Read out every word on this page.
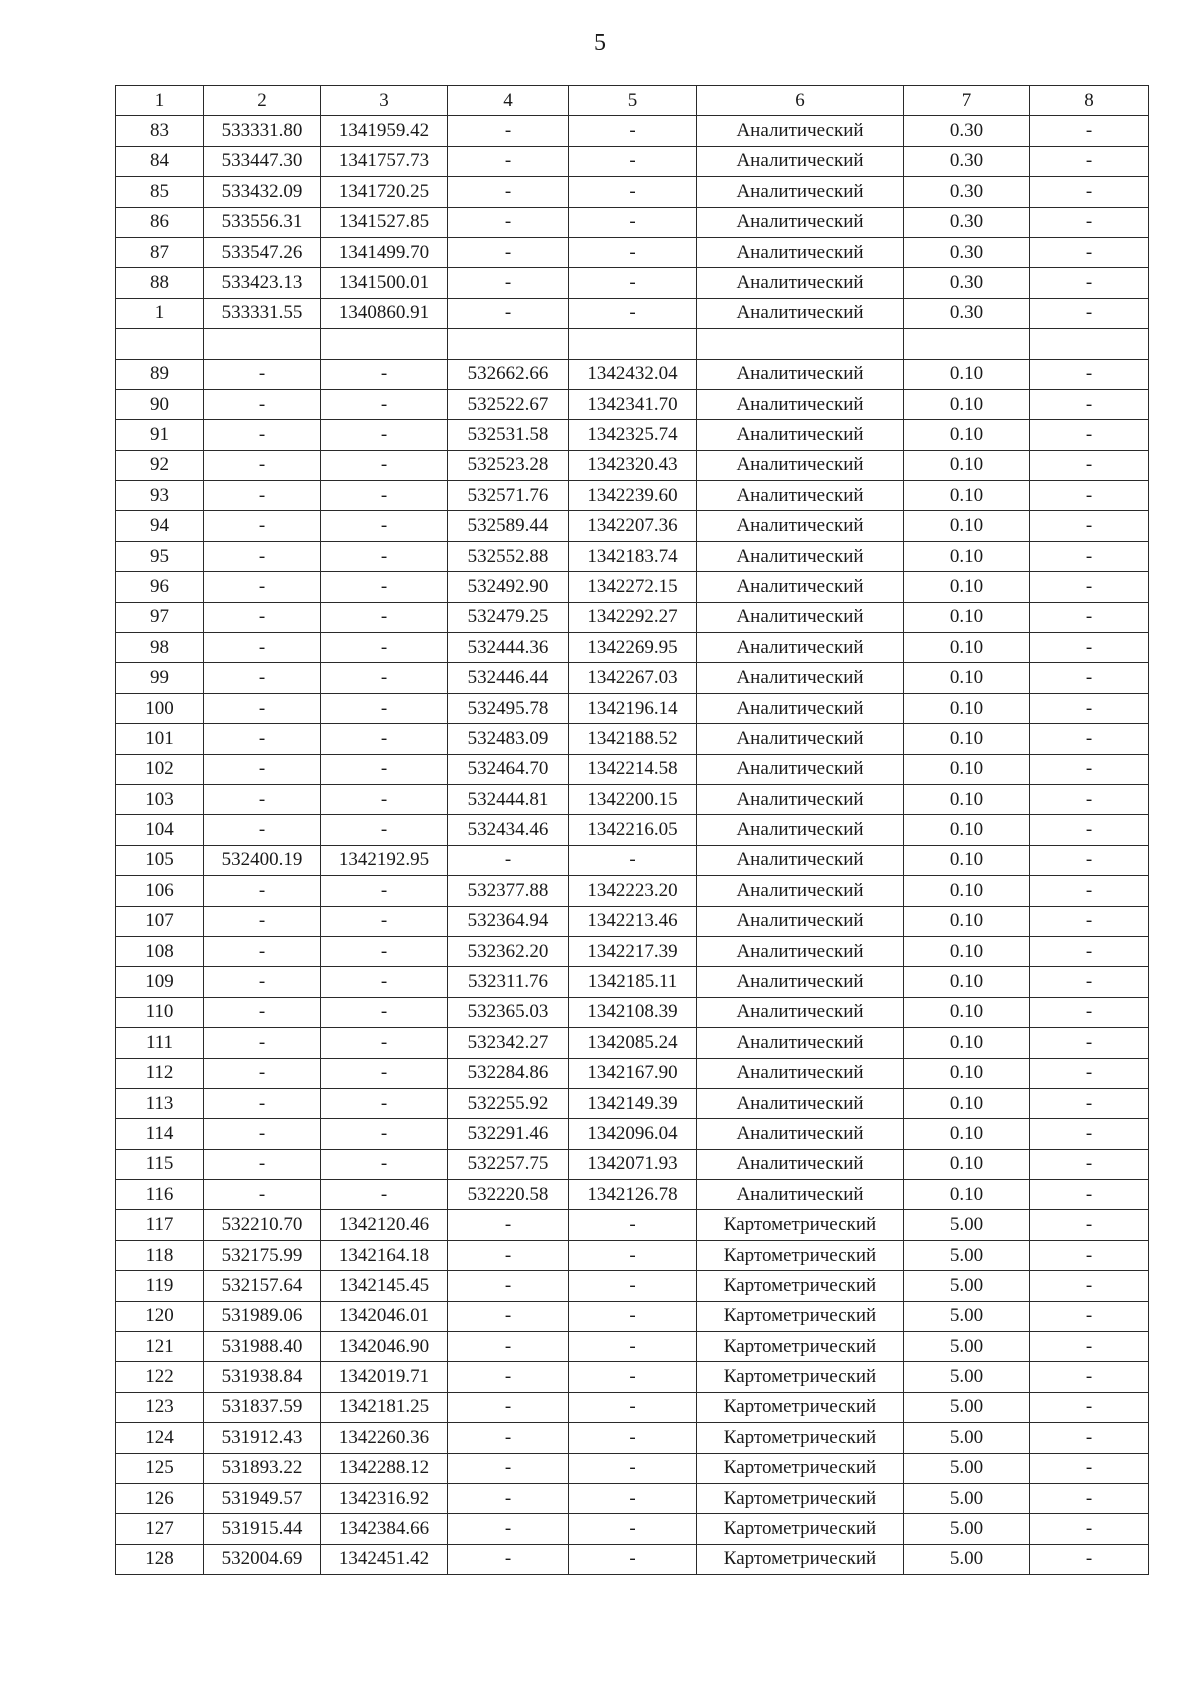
5
1	2	3	4	5	6	7	8
83	533331.80	1341959.42	-	-	Аналитический	0.30	-
84	533447.30	1341757.73	-	-	Аналитический	0.30	-
85	533432.09	1341720.25	-	-	Аналитический	0.30	-
86	533556.31	1341527.85	-	-	Аналитический	0.30	-
87	533547.26	1341499.70	-	-	Аналитический	0.30	-
88	533423.13	1341500.01	-	-	Аналитический	0.30	-
1	533331.55	1340860.91	-	-	Аналитический	0.30	-

89	-	-	532662.66	1342432.04	Аналитический	0.10	-
90	-	-	532522.67	1342341.70	Аналитический	0.10	-
91	-	-	532531.58	1342325.74	Аналитический	0.10	-
92	-	-	532523.28	1342320.43	Аналитический	0.10	-
93	-	-	532571.76	1342239.60	Аналитический	0.10	-
94	-	-	532589.44	1342207.36	Аналитический	0.10	-
95	-	-	532552.88	1342183.74	Аналитический	0.10	-
96	-	-	532492.90	1342272.15	Аналитический	0.10	-
97	-	-	532479.25	1342292.27	Аналитический	0.10	-
98	-	-	532444.36	1342269.95	Аналитический	0.10	-
99	-	-	532446.44	1342267.03	Аналитический	0.10	-
100	-	-	532495.78	1342196.14	Аналитический	0.10	-
101	-	-	532483.09	1342188.52	Аналитический	0.10	-
102	-	-	532464.70	1342214.58	Аналитический	0.10	-
103	-	-	532444.81	1342200.15	Аналитический	0.10	-
104	-	-	532434.46	1342216.05	Аналитический	0.10	-
105	532400.19	1342192.95	-	-	Аналитический	0.10	-
106	-	-	532377.88	1342223.20	Аналитический	0.10	-
107	-	-	532364.94	1342213.46	Аналитический	0.10	-
108	-	-	532362.20	1342217.39	Аналитический	0.10	-
109	-	-	532311.76	1342185.11	Аналитический	0.10	-
110	-	-	532365.03	1342108.39	Аналитический	0.10	-
111	-	-	532342.27	1342085.24	Аналитический	0.10	-
112	-	-	532284.86	1342167.90	Аналитический	0.10	-
113	-	-	532255.92	1342149.39	Аналитический	0.10	-
114	-	-	532291.46	1342096.04	Аналитический	0.10	-
115	-	-	532257.75	1342071.93	Аналитический	0.10	-
116	-	-	532220.58	1342126.78	Аналитический	0.10	-
117	532210.70	1342120.46	-	-	Картометрический	5.00	-
118	532175.99	1342164.18	-	-	Картометрический	5.00	-
119	532157.64	1342145.45	-	-	Картометрический	5.00	-
120	531989.06	1342046.01	-	-	Картометрический	5.00	-
121	531988.40	1342046.90	-	-	Картометрический	5.00	-
122	531938.84	1342019.71	-	-	Картометрический	5.00	-
123	531837.59	1342181.25	-	-	Картометрический	5.00	-
124	531912.43	1342260.36	-	-	Картометрический	5.00	-
125	531893.22	1342288.12	-	-	Картометрический	5.00	-
126	531949.57	1342316.92	-	-	Картометрический	5.00	-
127	531915.44	1342384.66	-	-	Картометрический	5.00	-
128	532004.69	1342451.42	-	-	Картометрический	5.00	-
